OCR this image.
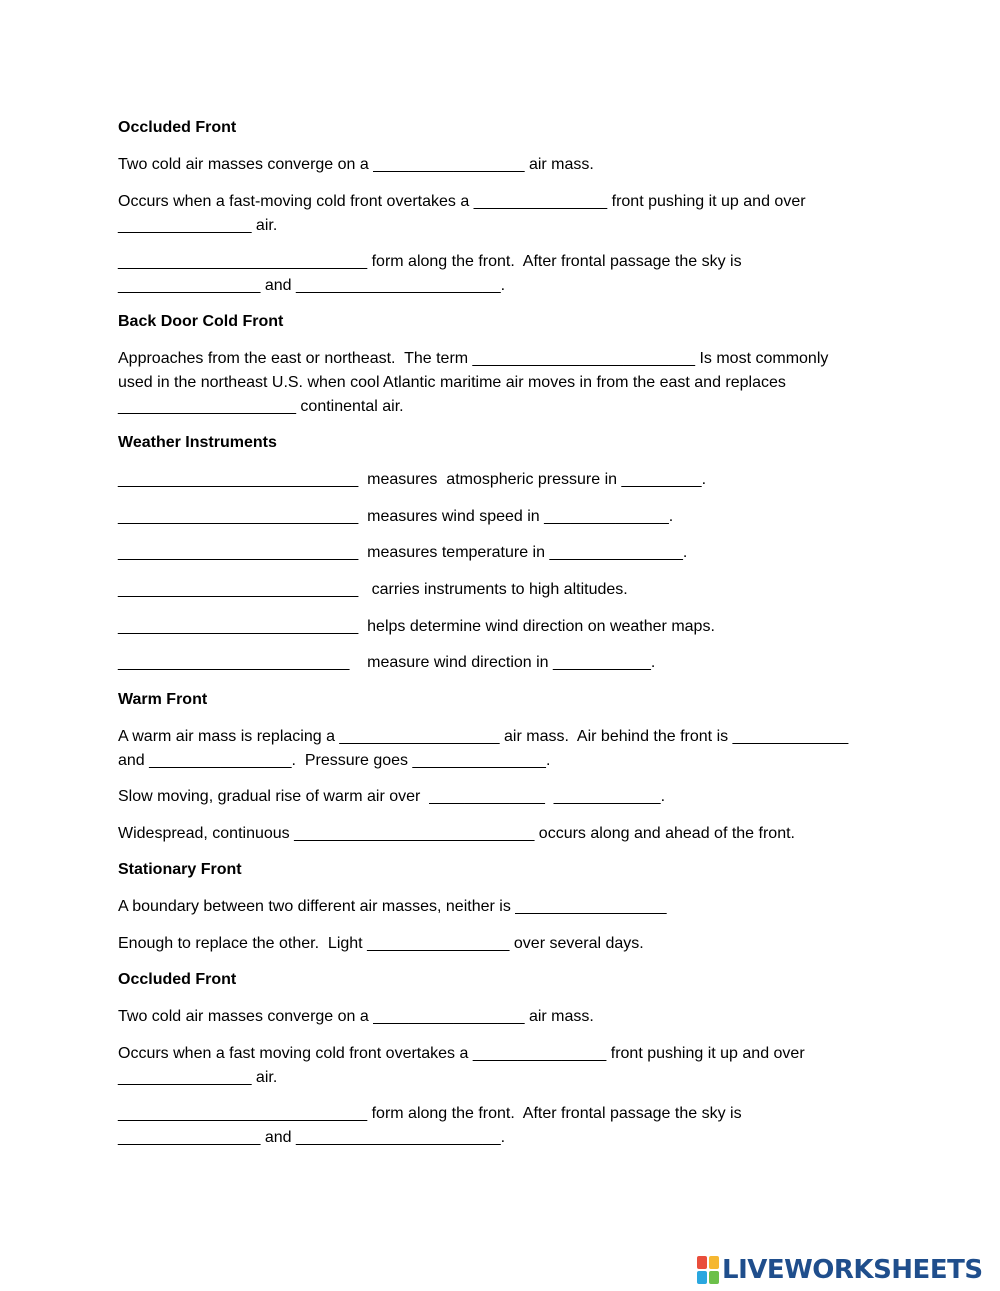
Occluded Front
Two cold air masses converge on a _________________ air mass.
Occurs when a fast-moving cold front overtakes a _______________ front pushing it up and over
_______________ air.
____________________________ form along the front.  After frontal passage the sky is
________________ and _______________________.
Back Door Cold Front
Approaches from the east or northeast.  The term _________________________ Is most commonly
used in the northeast U.S. when cool Atlantic maritime air moves in from the east and replaces
____________________ continental air.
Weather Instruments
___________________________  measures  atmospheric pressure in _________.
___________________________  measures wind speed in ______________.
___________________________  measures temperature in _______________.
___________________________   carries instruments to high altitudes.
___________________________  helps determine wind direction on weather maps.
__________________________    measure wind direction in ___________.
Warm Front
A warm air mass is replacing a __________________ air mass.  Air behind the front is _____________
and ________________.  Pressure goes _______________.
Slow moving, gradual rise of warm air over  _____________  ____________.
Widespread, continuous ___________________________ occurs along and ahead of the front.
Stationary Front
A boundary between two different air masses, neither is _________________
Enough to replace the other.  Light ________________ over several days.
Occluded Front
Two cold air masses converge on a _________________ air mass.
Occurs when a fast moving cold front overtakes a _______________ front pushing it up and over
_______________ air.
____________________________ form along the front.  After frontal passage the sky is
________________ and _______________________.
LIVEWORKSHEETS
